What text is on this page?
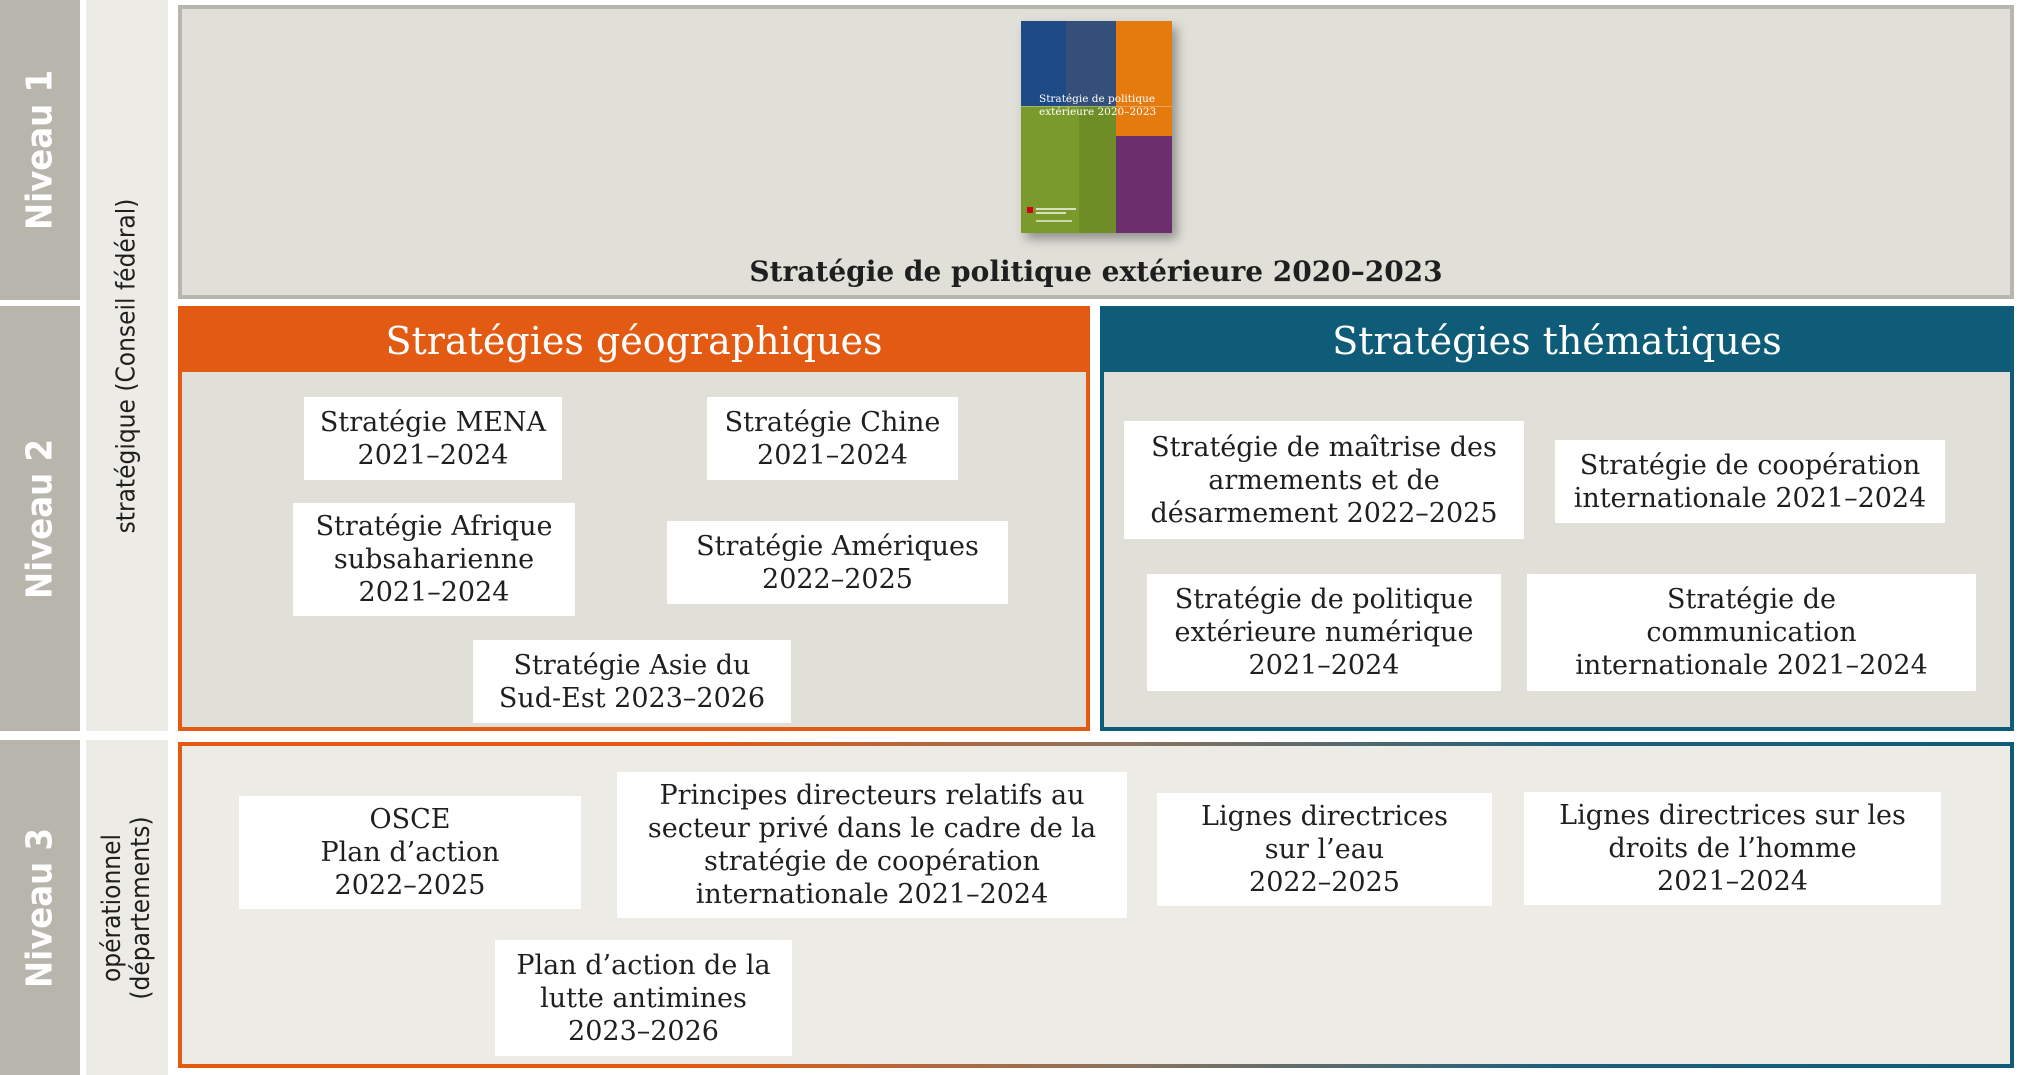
Niveau 1
Niveau 2
Niveau 3
stratégique (Conseil fédéral)
opérationnel
(départements)
Stratégie de politique
extérieure 2020–2023
Stratégie de politique extérieure 2020–2023
Stratégies géographiques
Stratégie MENA
2021–2024
Stratégie Chine
2021–2024
Stratégie Afrique
subsaharienne
2021–2024
Stratégie Amériques
2022–2025
Stratégie Asie du
Sud-Est 2023–2026
Stratégies thématiques
Stratégie de maîtrise des
armements et de
désarmement 2022–2025
Stratégie de coopération
internationale 2021–2024
Stratégie de politique
extérieure numérique
2021–2024
Stratégie de
communication
internationale 2021–2024
OSCE
Plan d’action
2022–2025
Principes directeurs relatifs au
secteur privé dans le cadre de la
stratégie de coopération
internationale 2021–2024
Lignes directrices
sur l’eau
2022–2025
Lignes directrices sur les
droits de l’homme
2021–2024
Plan d’action de la
lutte antimines
2023–2026
